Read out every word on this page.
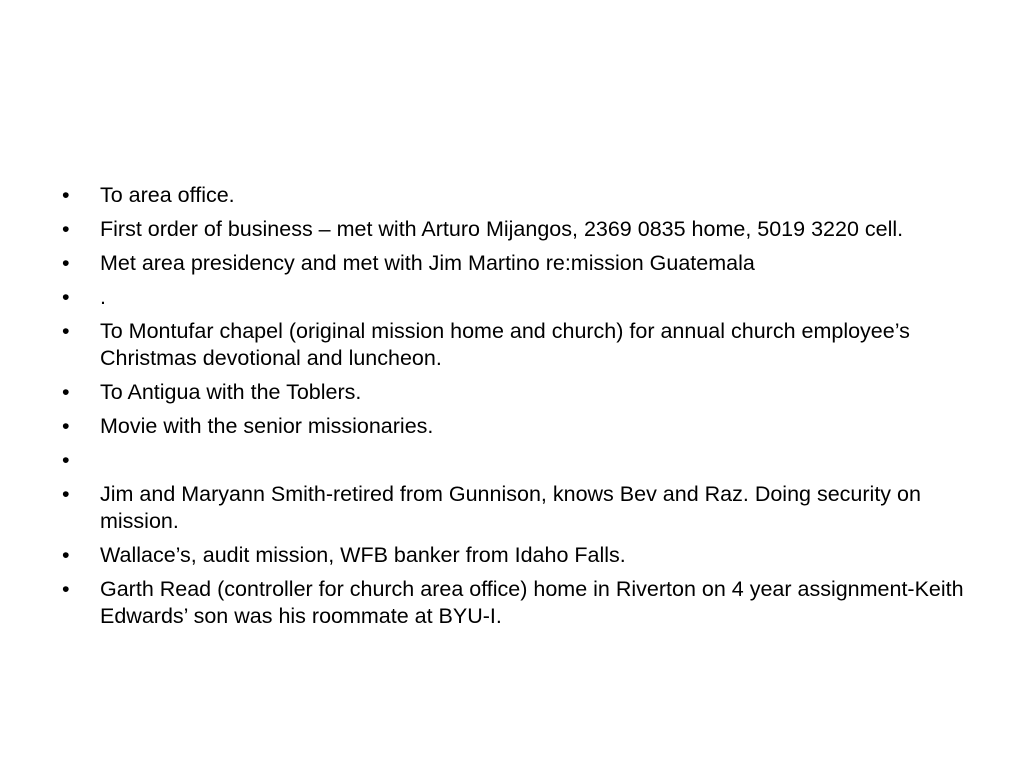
•	To area office.
•	First order of business – met with Arturo Mijangos, 2369 0835 home, 5019 3220 cell.
•	Met area presidency and met with Jim Martino re:mission Guatemala
•	.
•	To Montufar chapel (original mission home and church) for annual church employee’s Christmas devotional and luncheon.
•	To Antigua with the Toblers.
•	Movie with the senior missionaries.
•

•	Jim and Maryann Smith-retired from Gunnison, knows Bev and Raz. Doing security on mission.
•	Wallace’s, audit mission, WFB banker from Idaho Falls.
•	Garth Read (controller for church area office) home in Riverton on 4 year assignment-Keith Edwards’ son was his roommate at BYU-I.
